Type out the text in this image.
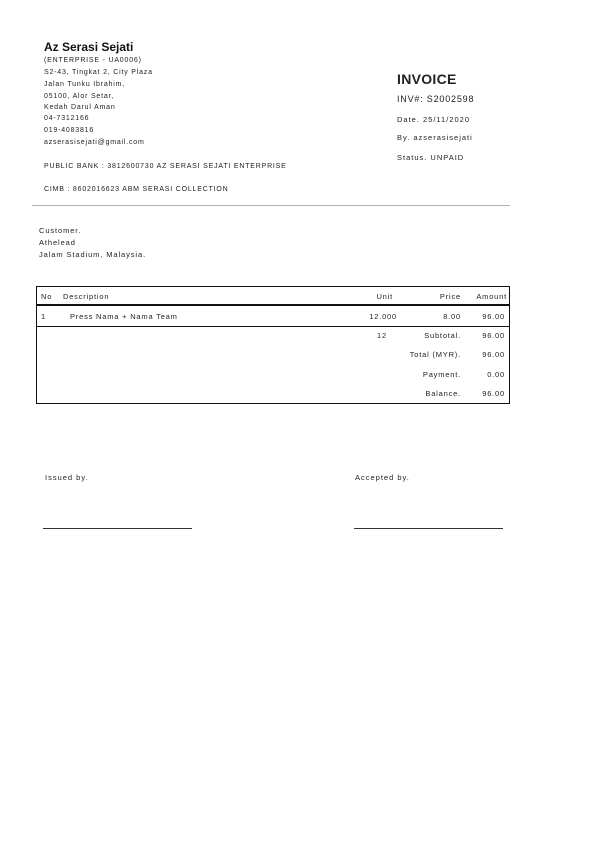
Az Serasi Sejati
(ENTERPRISE - UA0006)
S2-43, Tingkat 2, City Plaza
Jalan Tunku Ibrahim,
05100, Alor Setar,
Kedah Darul Aman
04-7312166
019-4083816
azserasisejati@gmail.com
PUBLIC BANK : 3812600730 AZ SERASI SEJATI ENTERPRISE
CIMB : 8602016623 ABM SERASI COLLECTION
INVOICE
INV#: S2002598
Date. 25/11/2020
By. azserasisejati
Status. UNPAID
Customer.
Athelead
Jalam Stadium, Malaysia.
No Description	Unit	Price	Amount
1	Press Nama + Nama Team	12.000	8.00	96.00
12	Subtotal.	96.00
Total (MYR).	96.00
Payment.	0.00
Balance.	96.00
Issued by.	Accepted by.
